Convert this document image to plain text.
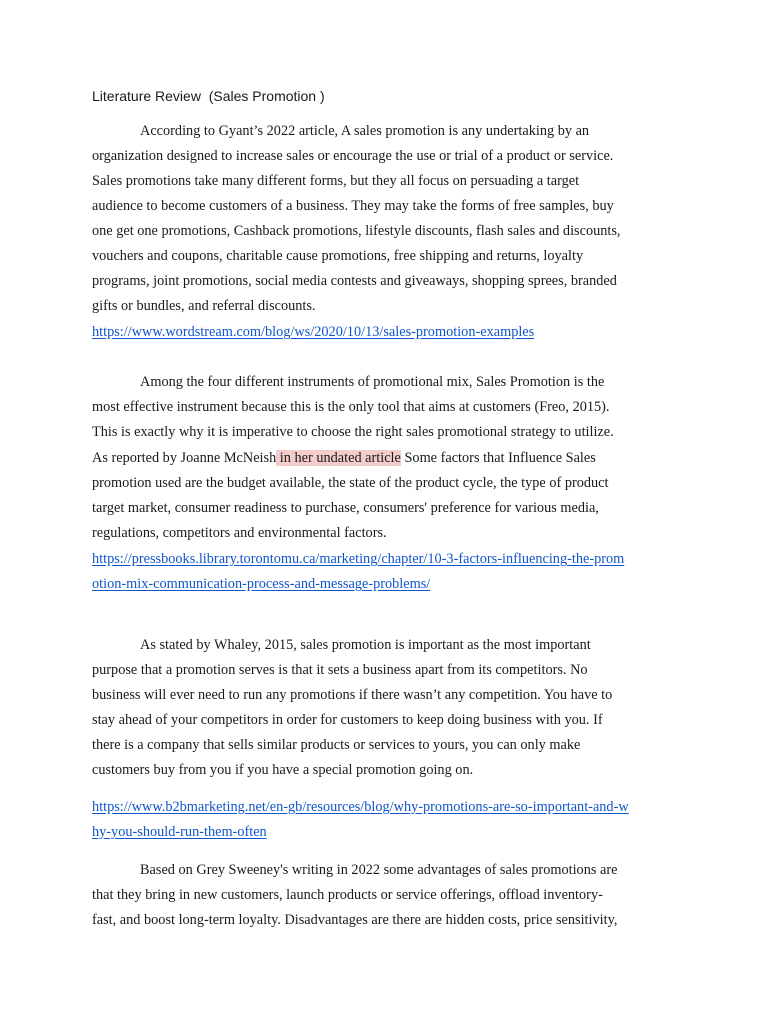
Literature Review  (Sales Promotion )
According to Gyant’s 2022 article, A sales promotion is any undertaking by an
organization designed to increase sales or encourage the use or trial of a product or service.
Sales promotions take many different forms, but they all focus on persuading a target
audience to become customers of a business. They may take the forms of free samples, buy
one get one promotions, Cashback promotions, lifestyle discounts, flash sales and discounts,
vouchers and coupons, charitable cause promotions, free shipping and returns, loyalty
programs, joint promotions, social media contests and giveaways, shopping sprees, branded
gifts or bundles, and referral discounts.
https://www.wordstream.com/blog/ws/2020/10/13/sales-promotion-examples
Among the four different instruments of promotional mix, Sales Promotion is the
most effective instrument because this is the only tool that aims at customers (Freo, 2015).
This is exactly why it is imperative to choose the right sales promotional strategy to utilize.
As reported by Joanne McNeish in her undated article Some factors that Influence Sales
promotion used are the budget available, the state of the product cycle, the type of product
target market, consumer readiness to purchase, consumers' preference for various media,
regulations, competitors and environmental factors.
https://pressbooks.library.torontomu.ca/marketing/chapter/10-3-factors-influencing-the-prom
otion-mix-communication-process-and-message-problems/
As stated by Whaley, 2015, sales promotion is important as the most important
purpose that a promotion serves is that it sets a business apart from its competitors. No
business will ever need to run any promotions if there wasn’t any competition. You have to
stay ahead of your competitors in order for customers to keep doing business with you. If
there is a company that sells similar products or services to yours, you can only make
customers buy from you if you have a special promotion going on.
https://www.b2bmarketing.net/en-gb/resources/blog/why-promotions-are-so-important-and-w
hy-you-should-run-them-often
Based on Grey Sweeney's writing in 2022 some advantages of sales promotions are
that they bring in new customers, launch products or service offerings, offload inventory-
fast, and boost long-term loyalty. Disadvantages are there are hidden costs, price sensitivity,
